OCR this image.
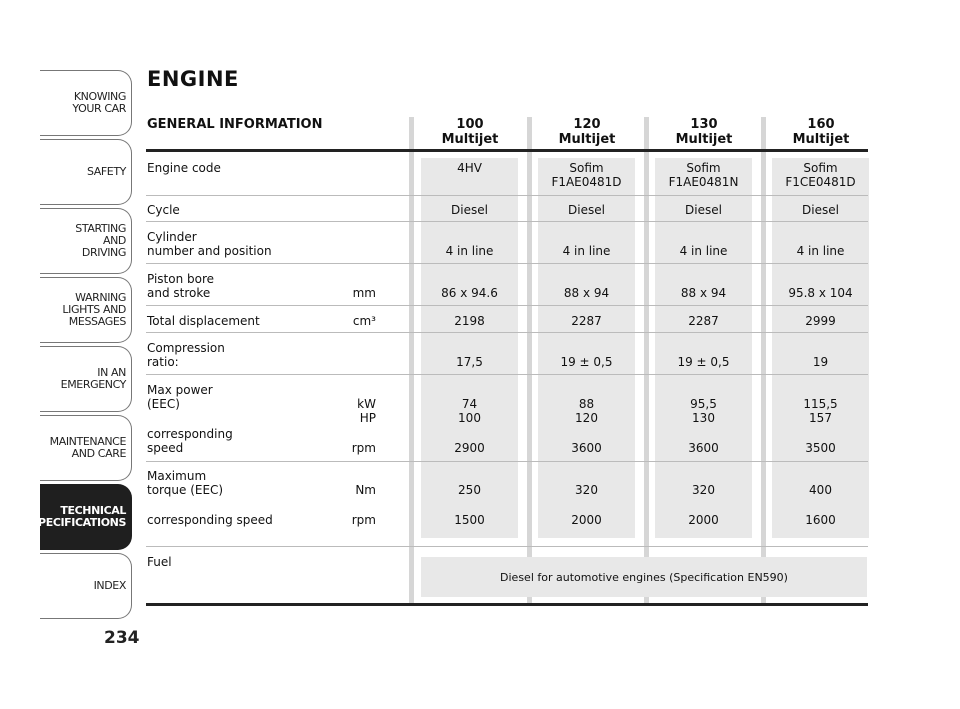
KNOWING
YOUR CAR
SAFETY
STARTING
AND
DRIVING
WARNING
LIGHTS AND
MESSAGES
IN AN
EMERGENCY
MAINTENANCE
AND CARE
TECHNICAL
SPECIFICATIONS
INDEX
234
ENGINE
GENERAL INFORMATION	100
Multijet
120
Multijet
130
Multijet
160
Multijet
Engine code
Cycle
Cylinder
number and position
Piston bore
and stroke
Total displacement
Compression
ratio:
Max power
(EEC)
corresponding
speed
Maximum
torque (EEC)
corresponding speed
Fuel
mm
cm³
kW
HP
rpm
Nm
rpm
4HV
Diesel
4 in line
86 x 94.6
2198
17,5
74
100
2900
250
1500
Sofim
F1AE0481D
Diesel
4 in line
88 x 94
2287
19 ± 0,5
88
120
3600
320
2000
Sofim
F1AE0481N
Diesel
4 in line
88 x 94
2287
19 ± 0,5
95,5
130
3600
320
2000
Sofim
F1CE0481D
Diesel
4 in line
95.8 x 104
2999
19
115,5
157
3500
400
1600
Diesel for automotive engines (Specification EN590)
